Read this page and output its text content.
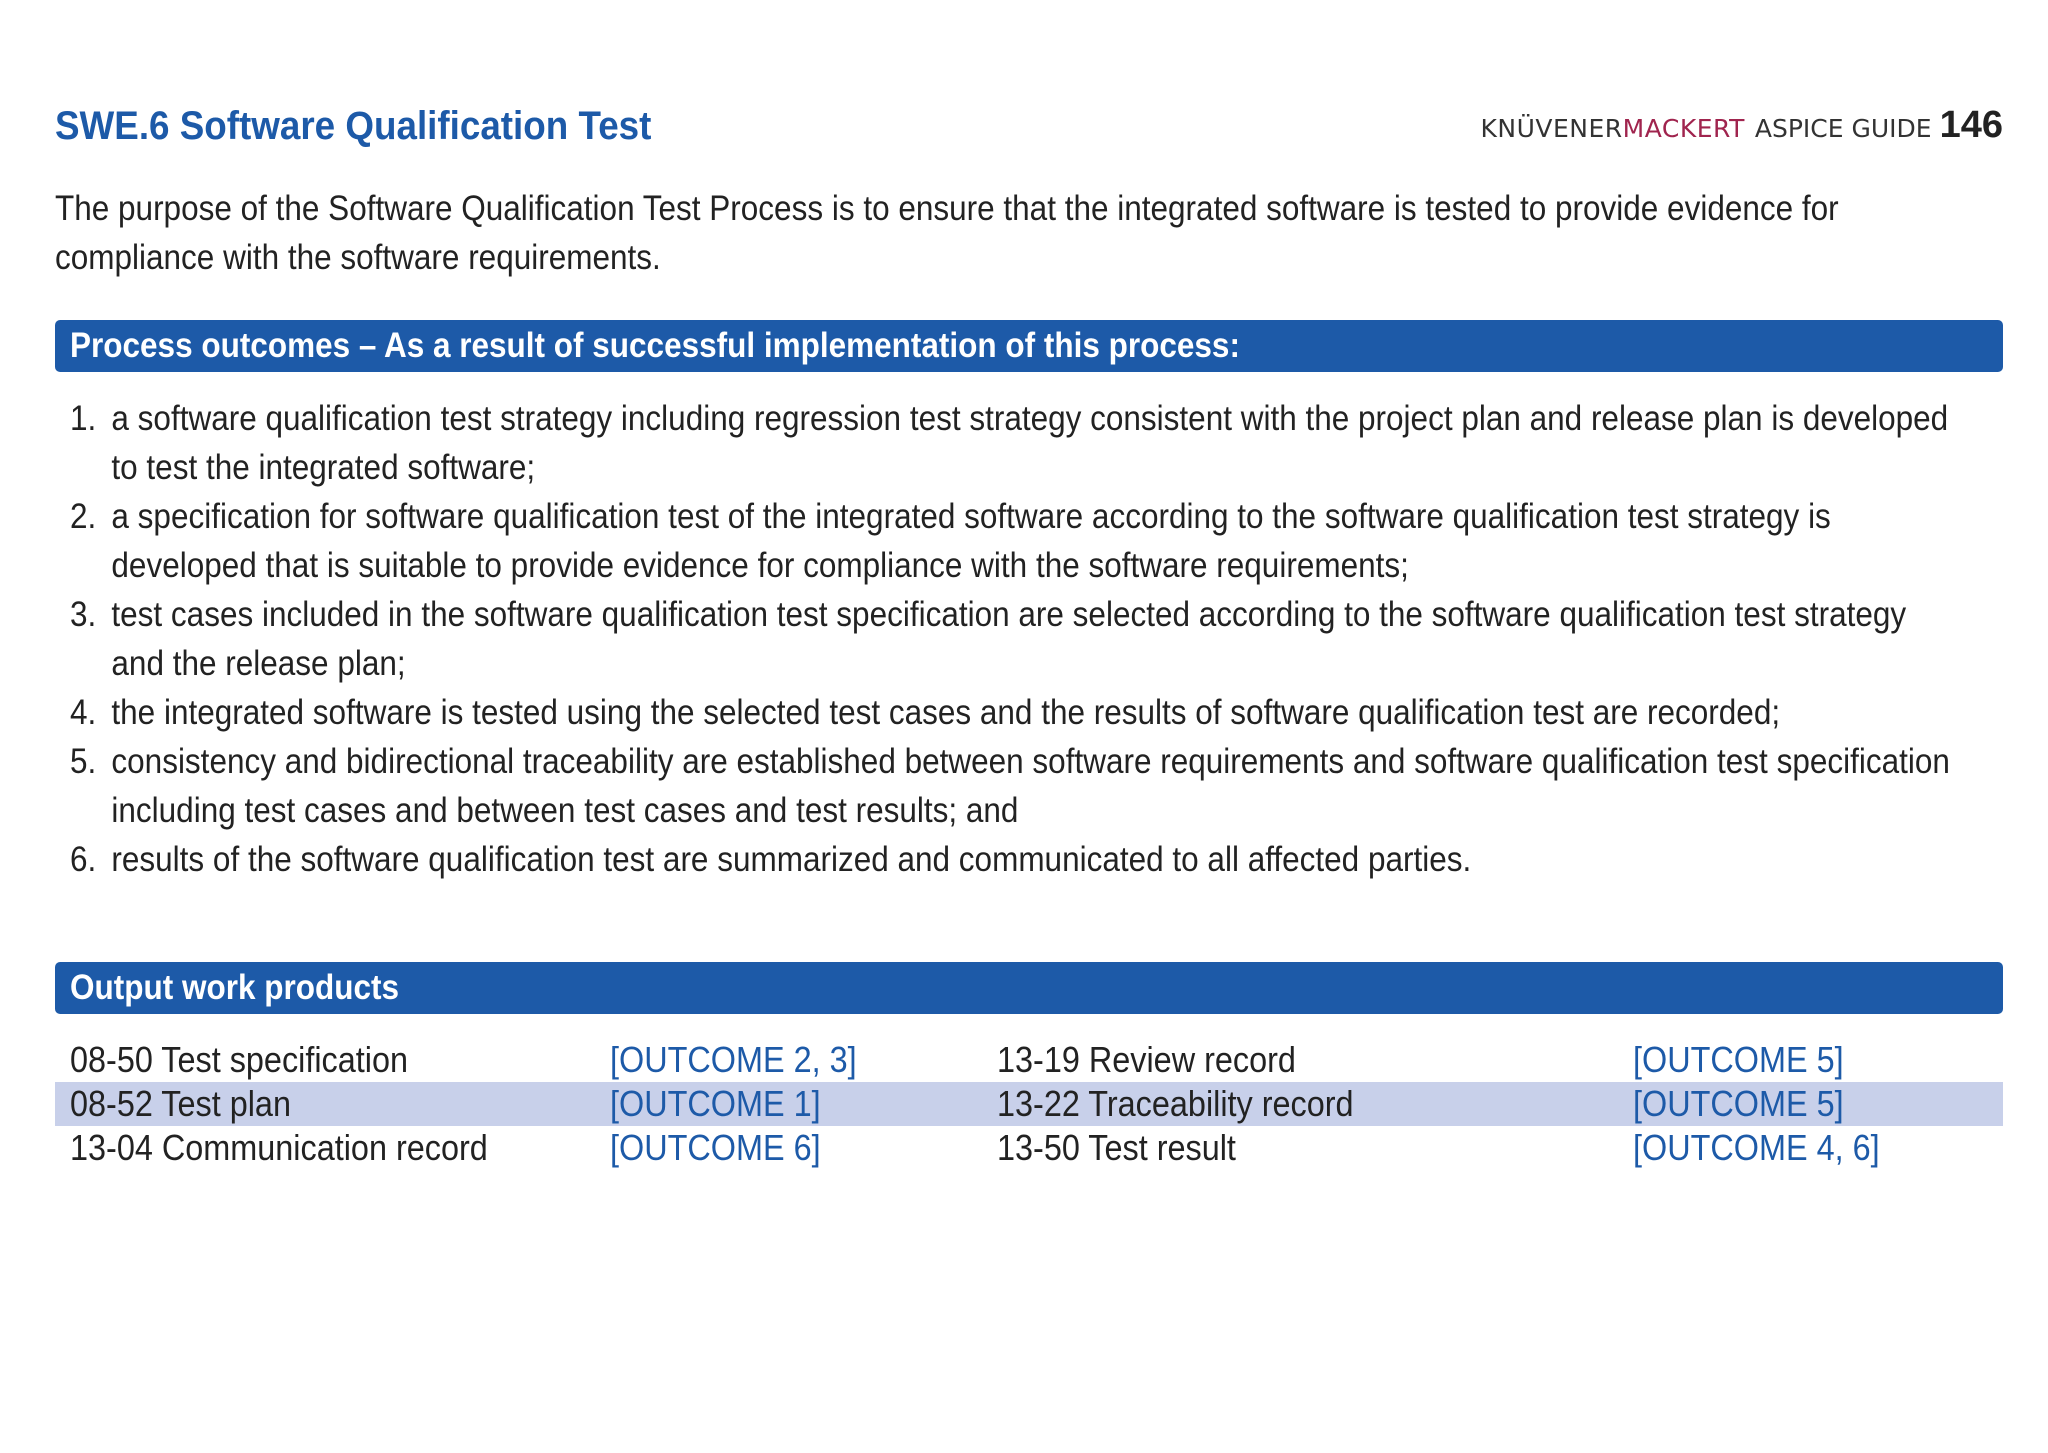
SWE.6 Software Qualification Test	KNÜVENERMACKERT ASPICE GUIDE 146
The purpose of the Software Qualification Test Process is to ensure that the integrated software is tested to provide evidence for compliance with the software requirements.
Process outcomes – As a result of successful implementation of this process:
1. a software qualification test strategy including regression test strategy consistent with the project plan and release plan is developed to test the integrated software;
2. a specification for software qualification test of the integrated software according to the software qualification test strategy is developed that is suitable to provide evidence for compliance with the software requirements;
3. test cases included in the software qualification test specification are selected according to the software qualification test strategy and the release plan;
4. the integrated software is tested using the selected test cases and the results of software qualification test are recorded;
5. consistency and bidirectional traceability are established between software requirements and software qualification test specification including test cases and between test cases and test results; and
6. results of the software qualification test are summarized and communicated to all affected parties.
Output work products
08-50 Test specification	[OUTCOME 2, 3]	13-19 Review record	[OUTCOME 5]
08-52 Test plan	[OUTCOME 1]	13-22 Traceability record	[OUTCOME 5]
13-04 Communication record	[OUTCOME 6]	13-50 Test result	[OUTCOME 4, 6]
